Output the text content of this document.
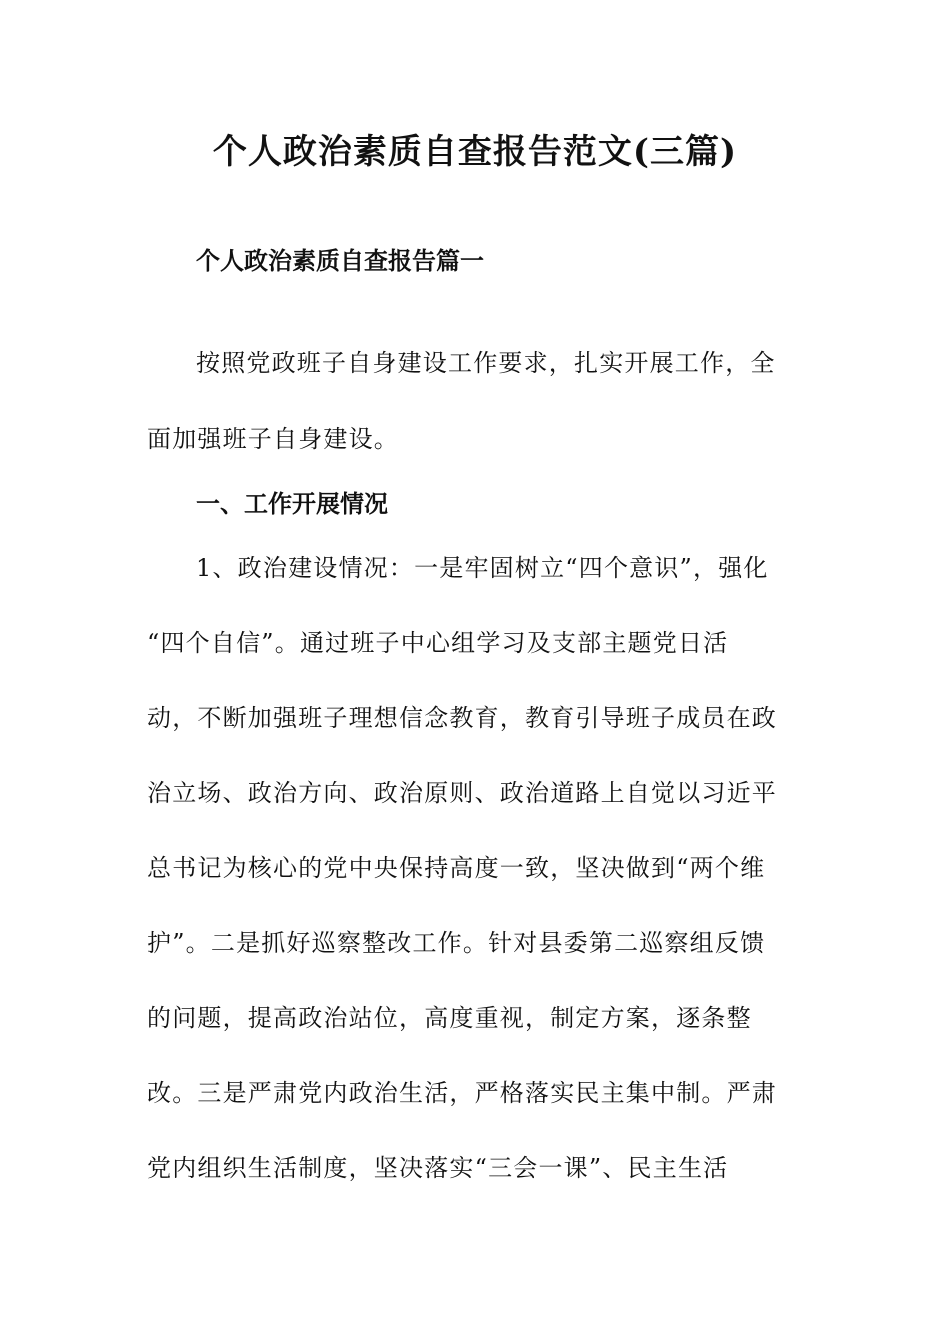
个人政治素质自查报告范文(三篇)
个人政治素质自查报告篇一
按照党政班子自身建设工作要求，扎实开展工作，全
面加强班子自身建设。
一、工作开展情况
1、政治建设情况：一是牢固树立“四个意识”，强化
“四个自信”。通过班子中心组学习及支部主题党日活
动，不断加强班子理想信念教育，教育引导班子成员在政
治立场、政治方向、政治原则、政治道路上自觉以习近平
总书记为核心的党中央保持高度一致，坚决做到“两个维
护”。二是抓好巡察整改工作。针对县委第二巡察组反馈
的问题，提高政治站位，高度重视，制定方案，逐条整
改。三是严肃党内政治生活，严格落实民主集中制。严肃
党内组织生活制度，坚决落实“三会一课”、民主生活
